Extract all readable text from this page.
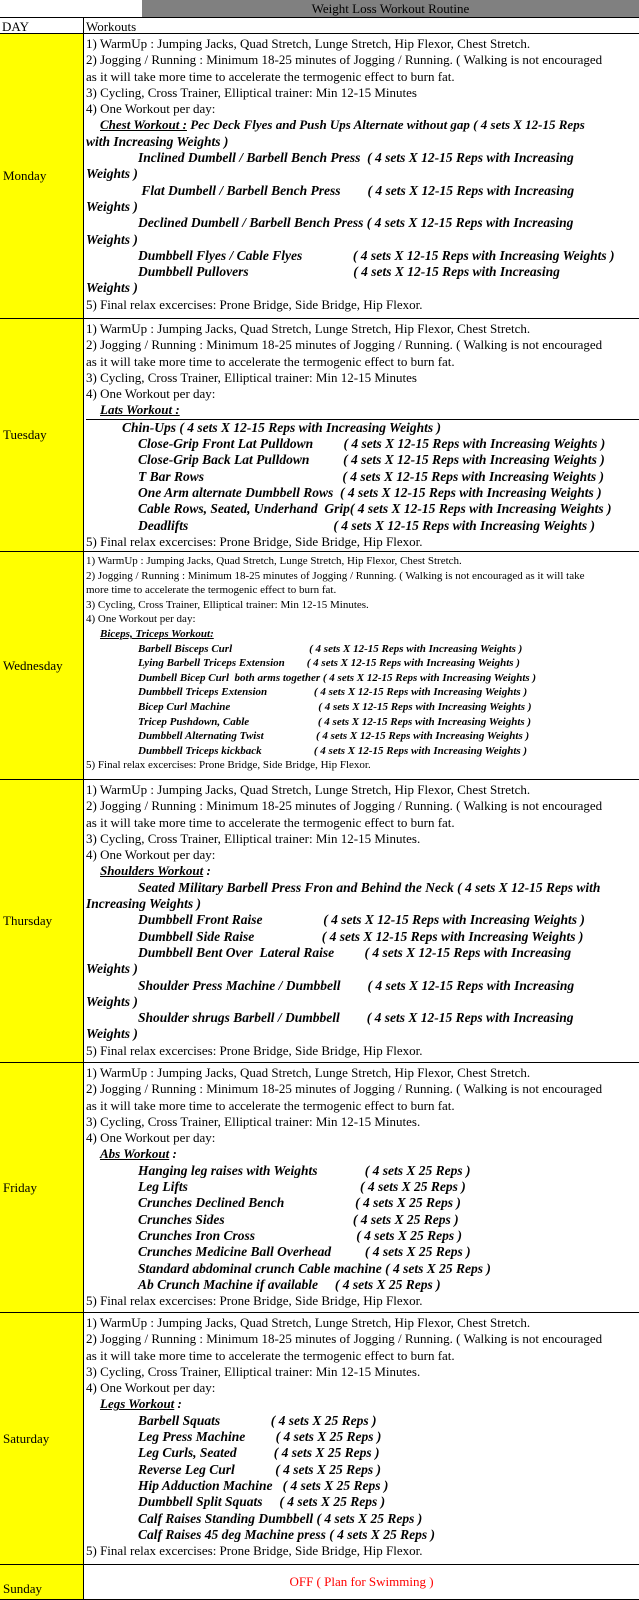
Weight Loss Workout Routine
DAY	Workouts
Monday

1) WarmUp : Jumping Jacks, Quad Stretch, Lunge Stretch, Hip Flexor, Chest Stretch.

2) Jogging / Running : Minimum 18-25 minutes of Jogging / Running. ( Walking is not encouraged

as it will take more time to accelerate the termogenic effect to burn fat.

3) Cycling, Cross Trainer, Elliptical trainer: Min 12-15 Minutes

4) One Workout per day:

Chest Workout : Pec Deck Flyes and Push Ups Alternate without gap ( 4 sets X 12-15 Reps

with Increasing Weights )

Inclined Dumbell / Barbell Bench Press  ( 4 sets X 12-15 Reps with Increasing

Weights )

Flat Dumbell / Barbell Bench Press        ( 4 sets X 12-15 Reps with Increasing

Weights )

Declined Dumbell / Barbell Bench Press ( 4 sets X 12-15 Reps with Increasing

Weights )

Dumbbell Flyes / Cable Flyes               ( 4 sets X 12-15 Reps with Increasing Weights )

Dumbbell Pullovers                               ( 4 sets X 12-15 Reps with Increasing

Weights )

5) Final relax excercises: Prone Bridge, Side Bridge, Hip Flexor.

Tuesday

1) WarmUp : Jumping Jacks, Quad Stretch, Lunge Stretch, Hip Flexor, Chest Stretch.

2) Jogging / Running : Minimum 18-25 minutes of Jogging / Running. ( Walking is not encouraged

as it will take more time to accelerate the termogenic effect to burn fat.

3) Cycling, Cross Trainer, Elliptical trainer: Min 12-15 Minutes

4) One Workout per day:

Lats Workout :

Chin-Ups ( 4 sets X 12-15 Reps with Increasing Weights )

Close-Grip Front Lat Pulldown         ( 4 sets X 12-15 Reps with Increasing Weights )

Close-Grip Back Lat Pulldown          ( 4 sets X 12-15 Reps with Increasing Weights )

T Bar Rows                                         ( 4 sets X 12-15 Reps with Increasing Weights )

One Arm alternate Dumbbell Rows  ( 4 sets X 12-15 Reps with Increasing Weights )

Cable Rows, Seated, Underhand  Grip( 4 sets X 12-15 Reps with Increasing Weights )

Deadlifts                                           ( 4 sets X 12-15 Reps with Increasing Weights )

5) Final relax excercises: Prone Bridge, Side Bridge, Hip Flexor.

Wednesday

1) WarmUp : Jumping Jacks, Quad Stretch, Lunge Stretch, Hip Flexor, Chest Stretch.

2) Jogging / Running : Minimum 18-25 minutes of Jogging / Running. ( Walking is not encouraged as it will take

more time to accelerate the termogenic effect to burn fat.

3) Cycling, Cross Trainer, Elliptical trainer: Min 12-15 Minutes.

4) One Workout per day:

Biceps, Triceps Workout:

Barbell Bisceps Curl                            ( 4 sets X 12-15 Reps with Increasing Weights )

Lying Barbell Triceps Extension        ( 4 sets X 12-15 Reps with Increasing Weights )

Dumbell Bicep Curl  both arms together ( 4 sets X 12-15 Reps with Increasing Weights )

Dumbbell Triceps Extension                 ( 4 sets X 12-15 Reps with Increasing Weights )

Bicep Curl Machine                                ( 4 sets X 12-15 Reps with Increasing Weights )

Tricep Pushdown, Cable                         ( 4 sets X 12-15 Reps with Increasing Weights )

Dumbbell Alternating Twist                   ( 4 sets X 12-15 Reps with Increasing Weights )

Dumbbell Triceps kickback                   ( 4 sets X 12-15 Reps with Increasing Weights )

5) Final relax excercises: Prone Bridge, Side Bridge, Hip Flexor.

Thursday

1) WarmUp : Jumping Jacks, Quad Stretch, Lunge Stretch, Hip Flexor, Chest Stretch.

2) Jogging / Running : Minimum 18-25 minutes of Jogging / Running. ( Walking is not encouraged

as it will take more time to accelerate the termogenic effect to burn fat.

3) Cycling, Cross Trainer, Elliptical trainer: Min 12-15 Minutes.

4) One Workout per day:

Shoulders Workout :

Seated Military Barbell Press Fron and Behind the Neck ( 4 sets X 12-15 Reps with

Increasing Weights )

Dumbbell Front Raise                  ( 4 sets X 12-15 Reps with Increasing Weights )

Dumbbell Side Raise                    ( 4 sets X 12-15 Reps with Increasing Weights )

Dumbbell Bent Over  Lateral Raise         ( 4 sets X 12-15 Reps with Increasing

Weights )

Shoulder Press Machine / Dumbbell        ( 4 sets X 12-15 Reps with Increasing

Weights )

Shoulder shrugs Barbell / Dumbbell        ( 4 sets X 12-15 Reps with Increasing

Weights )

5) Final relax excercises: Prone Bridge, Side Bridge, Hip Flexor.

Friday

1) WarmUp : Jumping Jacks, Quad Stretch, Lunge Stretch, Hip Flexor, Chest Stretch.

2) Jogging / Running : Minimum 18-25 minutes of Jogging / Running. ( Walking is not encouraged

as it will take more time to accelerate the termogenic effect to burn fat.

3) Cycling, Cross Trainer, Elliptical trainer: Min 12-15 Minutes.

4) One Workout per day:

Abs Workout :

Hanging leg raises with Weights              ( 4 sets X 25 Reps )

Leg Lifts                                                   ( 4 sets X 25 Reps )

Crunches Declined Bench                     ( 4 sets X 25 Reps )

Crunches Sides                                      ( 4 sets X 25 Reps )

Crunches Iron Cross                              ( 4 sets X 25 Reps )

Crunches Medicine Ball Overhead          ( 4 sets X 25 Reps )

Standard abdominal crunch Cable machine ( 4 sets X 25 Reps )

Ab Crunch Machine if available     ( 4 sets X 25 Reps )

5) Final relax excercises: Prone Bridge, Side Bridge, Hip Flexor.

Saturday

1) WarmUp : Jumping Jacks, Quad Stretch, Lunge Stretch, Hip Flexor, Chest Stretch.

2) Jogging / Running : Minimum 18-25 minutes of Jogging / Running. ( Walking is not encouraged

as it will take more time to accelerate the termogenic effect to burn fat.

3) Cycling, Cross Trainer, Elliptical trainer: Min 12-15 Minutes.

4) One Workout per day:

Legs Workout :

Barbell Squats               ( 4 sets X 25 Reps )

Leg Press Machine         ( 4 sets X 25 Reps )

Leg Curls, Seated           ( 4 sets X 25 Reps )

Reverse Leg Curl            ( 4 sets X 25 Reps )

Hip Adduction Machine   ( 4 sets X 25 Reps )

Dumbbell Split Squats     ( 4 sets X 25 Reps )

Calf Raises Standing Dumbbell ( 4 sets X 25 Reps )

Calf Raises 45 deg Machine press ( 4 sets X 25 Reps )

5) Final relax excercises: Prone Bridge, Side Bridge, Hip Flexor.

Sunday	OFF ( Plan for Swimming )
